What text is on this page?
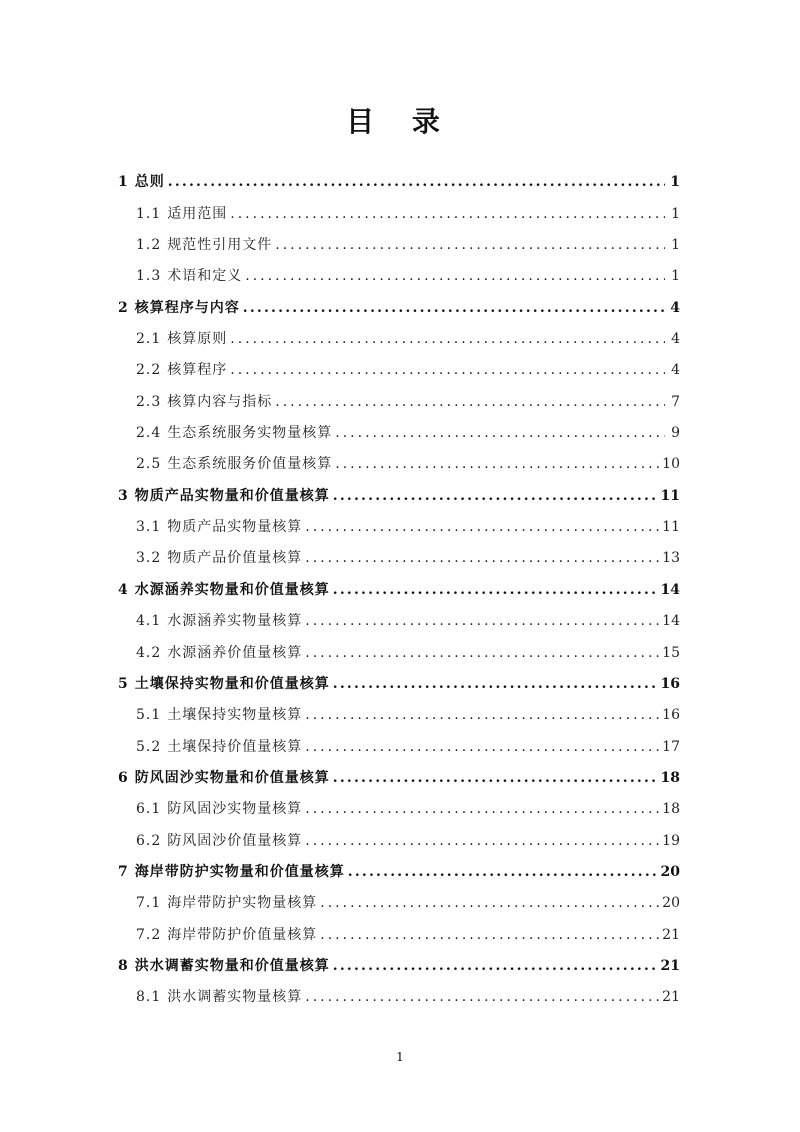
目 录
1 总则 .....	1
1.1 适用范围 .....	1
1.2 规范性引用文件 .....	1
1.3 术语和定义 .....	1
2 核算程序与内容 .....	4
2.1 核算原则 .....	4
2.2 核算程序 .....	4
2.3 核算内容与指标 .....	7
2.4 生态系统服务实物量核算 .....	9
2.5 生态系统服务价值量核算 .....	10
3 物质产品实物量和价值量核算 .....	11
3.1 物质产品实物量核算 .....	11
3.2 物质产品价值量核算 .....	13
4 水源涵养实物量和价值量核算 .....	14
4.1 水源涵养实物量核算 .....	14
4.2 水源涵养价值量核算 .....	15
5 土壤保持实物量和价值量核算 .....	16
5.1 土壤保持实物量核算 .....	16
5.2 土壤保持价值量核算 .....	17
6 防风固沙实物量和价值量核算 .....	18
6.1 防风固沙实物量核算 .....	18
6.2 防风固沙价值量核算 .....	19
7 海岸带防护实物量和价值量核算 .....	20
7.1 海岸带防护实物量核算 .....	20
7.2 海岸带防护价值量核算 .....	21
8 洪水调蓄实物量和价值量核算 .....	21
8.1 洪水调蓄实物量核算 .....	21
1
